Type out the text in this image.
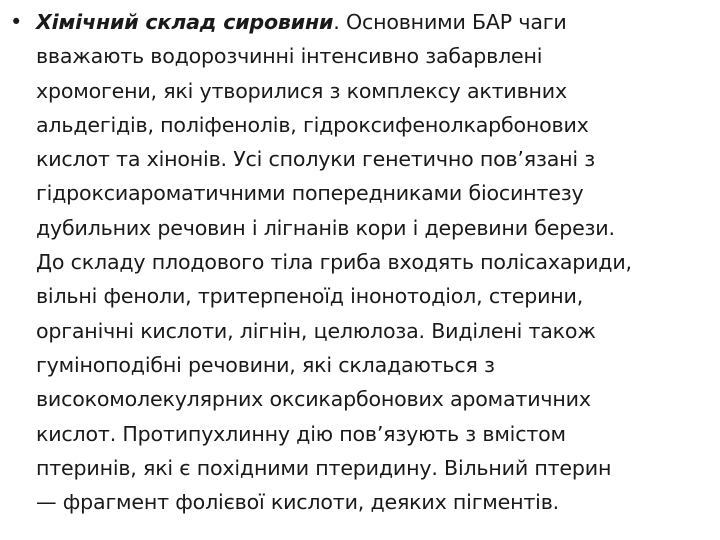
• Хімічний склад сировини. Основними БАР чаги
вважають водорозчинні інтенсивно забарвлені
хромогени, які утворилися з комплексу активних
альдегідів, поліфенолів, гідроксифенолкарбонових
кислот та хінонів. Усі сполуки генетично пов’язані з
гідроксиароматичними попередниками біосинтезу
дубильних речовин і лігнанів кори і деревини берези.
До складу плодового тіла гриба входять полісахариди,
вільні феноли, тритерпеноїд інонотодіол, стерини,
органічні кислоти, лігнін, целюлоза. Виділені також
гуміноподібні речовини, які складаються з
високомолекулярних оксикарбонових ароматичних
кислот. Протипухлинну дію пов’язують з вмістом
птеринів, які є похідними птеридину. Вільний птерин
— фрагмент фолієвої кислоти, деяких пігментів.
